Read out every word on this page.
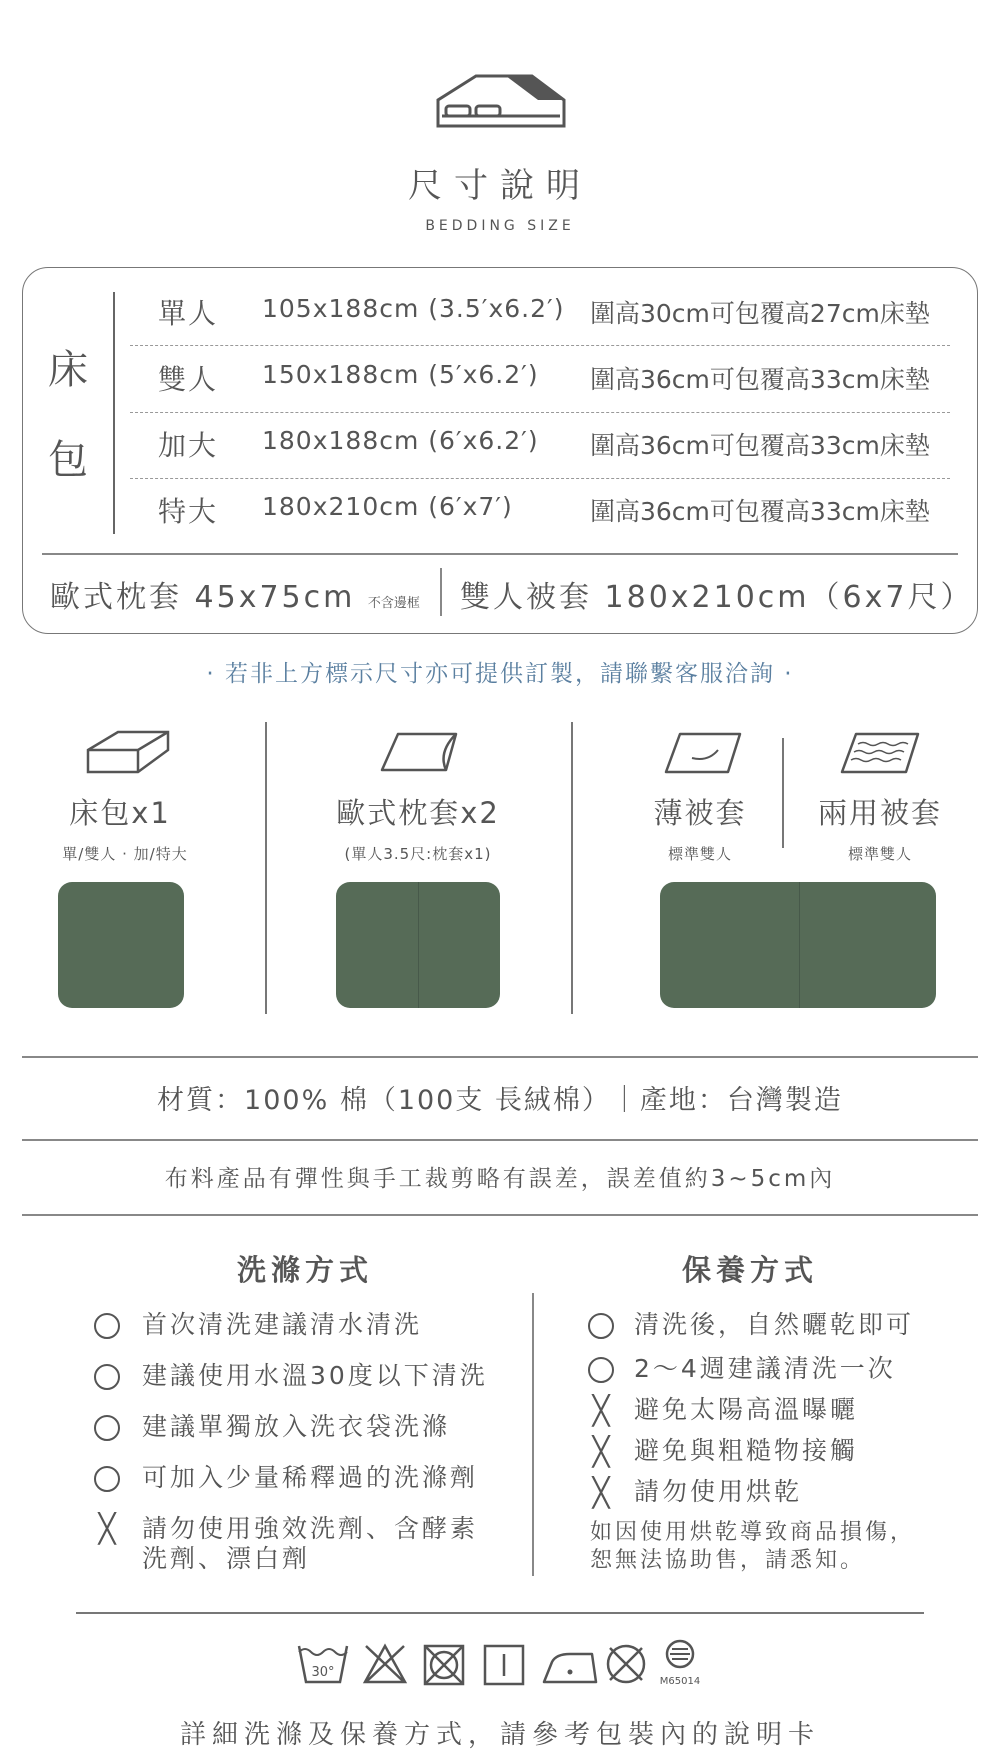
尺寸說明
BEDDING SIZE
床
包
單人 105x188cm (3.5′x6.2′) 圍高30cm可包覆高27cm床墊
雙人 150x188cm (5′x6.2′) 圍高36cm可包覆高33cm床墊
加大 180x188cm (6′x6.2′) 圍高36cm可包覆高33cm床墊
特大 180x210cm (6′x7′)	圍高36cm可包覆高33cm床墊
歐式枕套 45x75cm 不含邊框 雙人被套 180x210cm（6x7尺）
· 若非上方標示尺寸亦可提供訂製，請聯繫客服洽詢 ·
床包x1
單/雙人 · 加/特大
歐式枕套x2
(單人3.5尺:枕套x1)
薄被套
標準雙人
兩用被套
標準雙人
材質：100% 棉（100支 長絨棉）｜產地：台灣製造
布料產品有彈性與手工裁剪略有誤差，誤差值約3~5cm內
洗滌方式
首次清洗建議清水清洗
建議使用水溫30度以下清洗
建議單獨放入洗衣袋洗滌
可加入少量稀釋過的洗滌劑
╳ 請勿使用強效洗劑、含酵素
洗劑、漂白劑
保養方式
清洗後，自然曬乾即可
2～4週建議清洗一次
╳ 避免太陽高溫曝曬
╳ 避免與粗糙物接觸
╳ 請勿使用烘乾
如因使用烘乾導致商品損傷，
恕無法協助售，請悉知。
30°
M65014
詳細洗滌及保養方式，請參考包裝內的說明卡
